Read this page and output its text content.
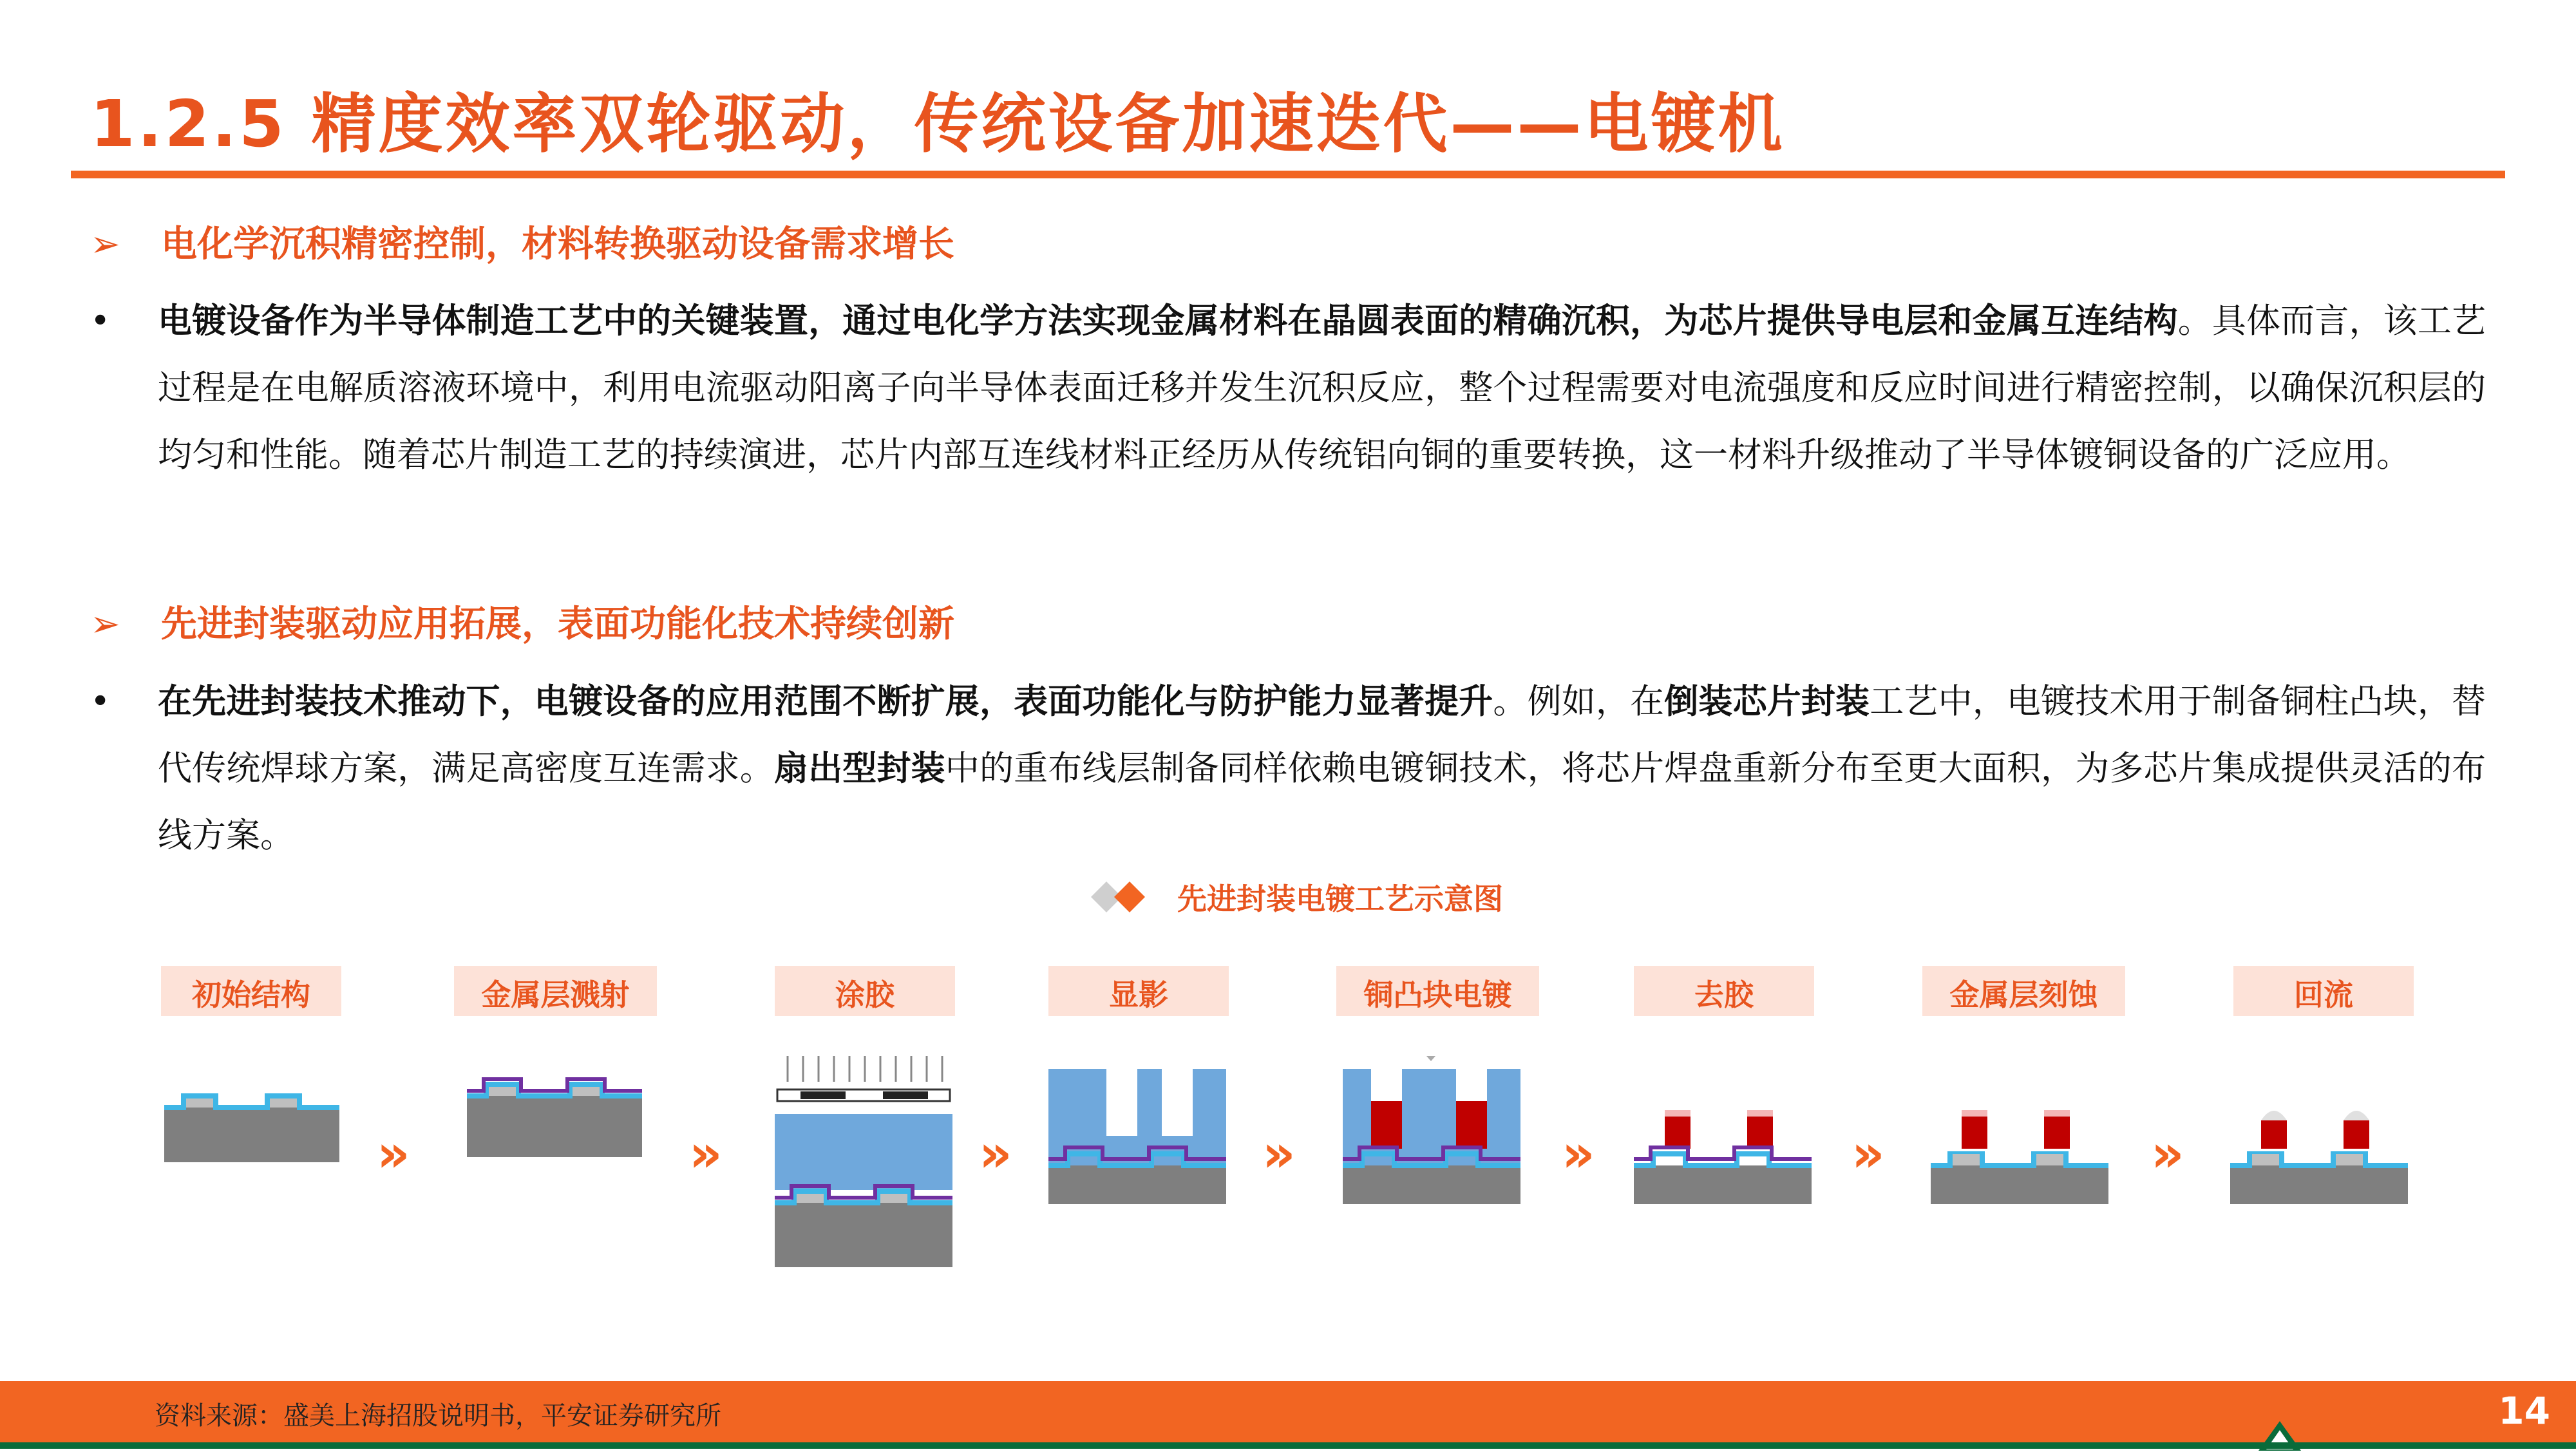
1.2.5 精度效率双轮驱动，传统设备加速迭代——电镀机
➢ 电化学沉积精密控制，材料转换驱动设备需求增长
•	电镀设备作为半导体制造工艺中的关键装置，通过电化学方法实现金属材料在晶圆表面的精确沉积，为芯片提供导电层和金属互连结构。具体而言，该工艺过程是在电解质溶液环境中，利用电流驱动阳离子向半导体表面迁移并发生沉积反应，整个过程需要对电流强度和反应时间进行精密控制，以确保沉积层的均匀和性能。随着芯片制造工艺的持续演进，芯片内部互连线材料正经历从传统铝向铜的重要转换，这一材料升级推动了半导体镀铜设备的广泛应用。
➢ 先进封装驱动应用拓展，表面功能化技术持续创新
•	在先进封装技术推动下，电镀设备的应用范围不断扩展，表面功能化与防护能力显著提升。例如，在倒装芯片封装工艺中，电镀技术用于制备铜柱凸块，替代传统焊球方案，满足高密度互连需求。扇出型封装中的重布线层制备同样依赖电镀铜技术，将芯片焊盘重新分布至更大面积，为多芯片集成提供灵活的布线方案。
先进封装电镀工艺示意图
初始结构	金属层溅射	涂胶	显影	铜凸块电镀	去胶	金属层刻蚀	回流
»	»	»	»	»	»	»
资料来源：盛美上海招股说明书，平安证券研究所	14
